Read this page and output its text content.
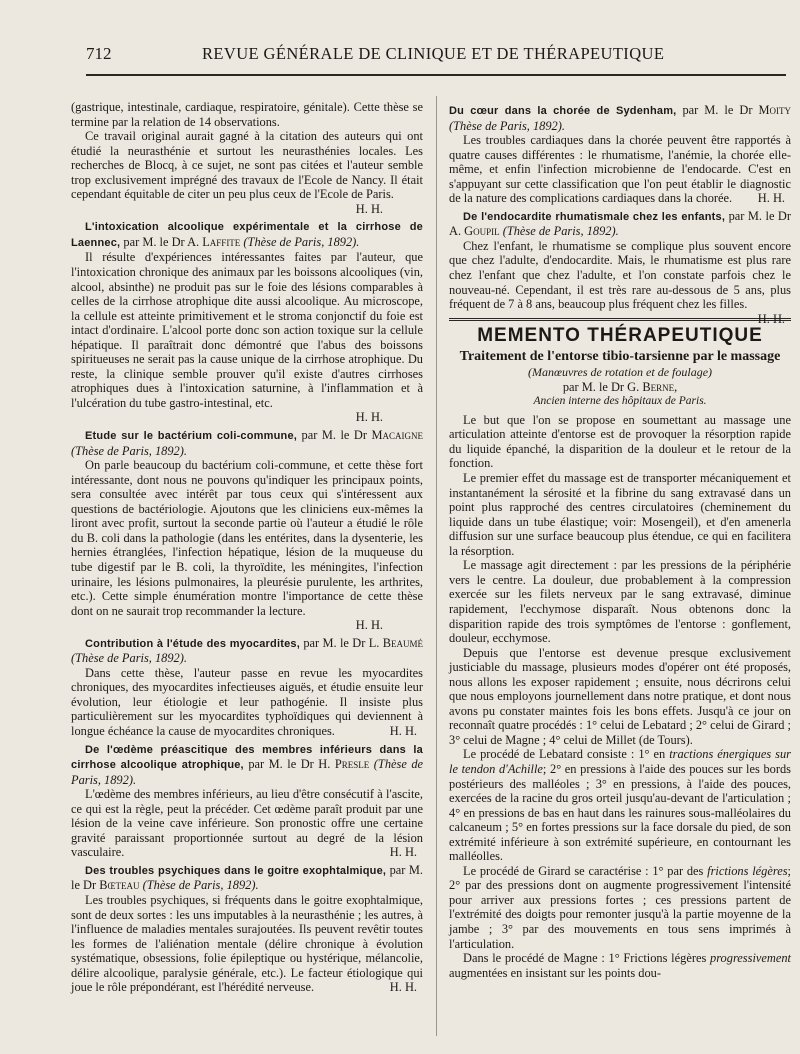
712	REVUE GÉNÉRALE DE CLINIQUE ET DE THÉRAPEUTIQUE

(gastrique, intestinale, cardiaque, respiratoire, génitale). Cette thèse se termine par la relation de 14 observations.

Ce travail original aurait gagné à la citation des auteurs qui ont étudié la neurasthénie et surtout les neurasthénies locales. Les recherches de Blocq, à ce sujet, ne sont pas citées et l'auteur semble trop exclusivement imprégné des travaux de l'Ecole de Nancy. Il était cependant équitable de citer un peu plus ceux de l'Ecole de Paris.

H. H.

L'intoxication alcoolique expérimentale et la cirrhose de Laennec, par M. le Dr A. Laffite (Thèse de Paris, 1892).

Il résulte d'expériences intéressantes faites par l'auteur, que l'intoxication chronique des animaux par les boissons alcooliques (vin, alcool, absinthe) ne produit pas sur le foie des lésions comparables à celles de la cirrhose atrophique dite aussi alcoolique. Au microscope, la cellule est atteinte primitivement et le stroma conjonctif du foie est intact d'ordinaire. L'alcool porte donc son action toxique sur la cellule hépatique. Il paraîtrait donc démontré que l'abus des boissons spiritueuses ne serait pas la cause unique de la cirrhose atrophique. Du reste, la clinique semble prouver qu'il existe d'autres cirrhoses atrophiques dues à l'intoxication saturnine, à l'inflammation et à l'ulcération du tube gastro-intestinal, etc.

H. H.

Etude sur le bactérium coli-commune, par M. le Dr Macaigne (Thèse de Paris, 1892).

On parle beaucoup du bactérium coli-commune, et cette thèse fort intéressante, dont nous ne pouvons qu'indiquer les principaux points, sera consultée avec intérêt par tous ceux qui s'intéressent aux questions de bactériologie. Ajoutons que les cliniciens eux-mêmes la liront avec profit, surtout la seconde partie où l'auteur a étudié le rôle du B. coli dans la pathologie (dans les entérites, dans la dysenterie, les hernies étranglées, l'infection hépatique, lésion de la muqueuse du tube digestif par le B. coli, la thyroïdite, les méningites, l'infection urinaire, les lésions pulmonaires, la pleurésie purulente, les arthrites, etc.). Cette simple énumération montre l'importance de cette thèse dont on ne saurait trop recommander la lecture.

H. H.

Contribution à l'étude des myocardites, par M. le Dr L. Beaumé (Thèse de Paris, 1892).

Dans cette thèse, l'auteur passe en revue les myocardites chroniques, des myocardites infectieuses aiguës, et étudie ensuite leur évolution, leur étiologie et leur pathogénie. Il insiste plus particulièrement sur les myocardites typhoïdiques qui deviennent à longue échéance la cause de myocardites chroniques.	H. H.

De l'œdème préascitique des membres inférieurs dans la cirrhose alcoolique atrophique, par M. le Dr H. Presle (Thèse de Paris, 1892).

L'œdème des membres inférieurs, au lieu d'être consécutif à l'ascite, ce qui est la règle, peut la précéder. Cet œdème paraît produit par une lésion de la veine cave inférieure. Son pronostic offre une certaine gravité paraissant proportionnée surtout au degré de la lésion vasculaire.	H. H.

Des troubles psychiques dans le goitre exophtalmique, par M. le Dr Bœteau (Thèse de Paris, 1892).

Les troubles psychiques, si fréquents dans le goitre exophtalmique, sont de deux sortes : les uns imputables à la neurasthénie ; les autres, à l'influence de maladies mentales surajoutées. Ils peuvent revêtir toutes les formes de l'aliénation mentale (délire chronique à évolution systématique, obsessions, folie épileptique ou hystérique, mélancolie, délire alcoolique, paralysie générale, etc.). Le facteur étiologique qui joue le rôle prépondérant, est l'hérédité nerveuse.	H. H.

Du cœur dans la chorée de Sydenham, par M. le Dr Moity (Thèse de Paris, 1892).

Les troubles cardiaques dans la chorée peuvent être rapportés à quatre causes différentes : le rhumatisme, l'anémie, la chorée elle-même, et enfin l'infection microbienne de l'endocarde. C'est en s'appuyant sur cette classification que l'on peut établir le diagnostic de la nature des complications cardiaques dans la chorée.	H. H.

De l'endocardite rhumatismale chez les enfants, par M. le Dr A. Goupil (Thèse de Paris, 1892).

Chez l'enfant, le rhumatisme se complique plus souvent encore que chez l'adulte, d'endocardite. Mais, le rhumatisme est plus rare chez l'enfant que chez l'adulte, et l'on constate parfois chez le nouveau-né. Cependant, il est très rare au-dessous de 5 ans, plus fréquent de 7 à 8 ans, beaucoup plus fréquent chez les filles.
H. H.

MEMENTO THÉRAPEUTIQUE

Traitement de l'entorse tibio-tarsienne par le massage

(Manœuvres de rotation et de foulage)

par M. le Dr G. Berne,

Ancien interne des hôpitaux de Paris.

Le but que l'on se propose en soumettant au massage une articulation atteinte d'entorse est de provoquer la résorption rapide du liquide épanché, la disparition de la douleur et le retour de la fonction.

Le premier effet du massage est de transporter mécaniquement et instantanément la sérosité et la fibrine du sang extravasé dans un point plus rapproché des centres circulatoires (cheminement du liquide dans un tube élastique; voir: Mosengeil), et d'en amenerla diffusion sur une surface beaucoup plus étendue, ce qui en facilitera la résorption.

Le massage agit directement : par les pressions de la périphérie vers le centre. La douleur, due probablement à la compression exercée sur les filets nerveux par le sang extravasé, diminue rapidement, l'ecchymose disparaît. Nous obtenons donc la disparition rapide des trois symptômes de l'entorse : gonflement, douleur, ecchymose.

Depuis que l'entorse est devenue presque exclusivement justiciable du massage, plusieurs modes d'opérer ont été proposés, nous allons les exposer rapidement ; ensuite, nous décrirons celui que nous employons journellement dans notre pratique, et dont nous avons pu constater maintes fois les bons effets. Jusqu'à ce jour on reconnaît quatre procédés : 1° celui de Lebatard ; 2° celui de Girard ; 3° celui de Magne ; 4° celui de Millet (de Tours).

Le procédé de Lebatard consiste : 1° en tractions énergiques sur le tendon d'Achille; 2° en pressions à l'aide des pouces sur les bords postérieurs des malléoles ; 3° en pressions, à l'aide des pouces, exercées de la racine du gros orteil jusqu'au-devant de l'articulation ; 4° en pressions de bas en haut dans les rainures sous-malléolaires du calcaneum ; 5° en fortes pressions sur la face dorsale du pied, de son extrémité inférieure à son extrémité supérieure, en contournant les malléolles.

Le procédé de Girard se caractérise : 1° par des frictions légères; 2° par des pressions dont on augmente progressivement l'intensité pour arriver aux pressions fortes ; ces pressions partent de l'extrémité des doigts pour remonter jusqu'à la partie moyenne de la jambe ; 3° par des mouvements en tous sens imprimés à l'articulation.

Dans le procédé de Magne : 1° Frictions légères progressivement augmentées en insistant sur les points dou-
